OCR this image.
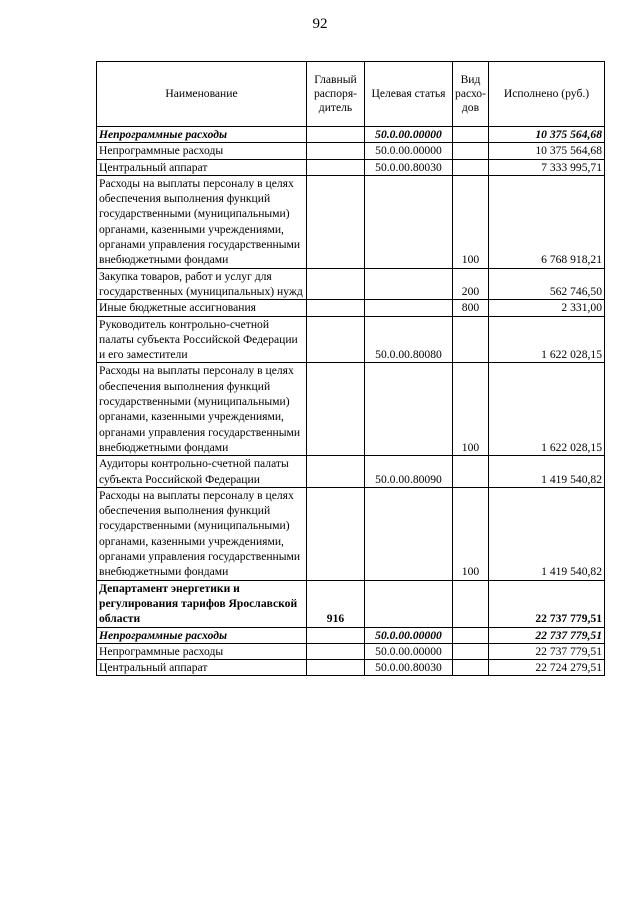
92
Наименование	Главный распоря-дитель	Целевая статья	Вид расхо-дов	Исполнено (руб.)
Непрограммные расходы		50.0.00.00000		10 375 564,68
Непрограммные расходы		50.0.00.00000		10 375 564,68
Центральный аппарат		50.0.00.80030		7 333 995,71
Расходы на выплаты персоналу в целях обеспечения выполнения функций государственными (муниципальными) органами, казенными учреждениями, органами управления государственными внебюджетными фондами			100	6 768 918,21
Закупка товаров, работ и услуг для государственных (муниципальных) нужд			200	562 746,50
Иные бюджетные ассигнования			800	2 331,00
Руководитель контрольно-счетной палаты субъекта Российской Федерации и его заместители		50.0.00.80080		1 622 028,15
Расходы на выплаты персоналу в целях обеспечения выполнения функций государственными (муниципальными) органами, казенными учреждениями, органами управления государственными внебюджетными фондами			100	1 622 028,15
Аудиторы контрольно-счетной палаты субъекта Российской Федерации		50.0.00.80090		1 419 540,82
Расходы на выплаты персоналу в целях обеспечения выполнения функций государственными (муниципальными) органами, казенными учреждениями, органами управления государственными внебюджетными фондами			100	1 419 540,82
Департамент энергетики и регулирования тарифов Ярославской области	916			22 737 779,51
Непрограммные расходы		50.0.00.00000		22 737 779,51
Непрограммные расходы		50.0.00.00000		22 737 779,51
Центральный аппарат		50.0.00.80030		22 724 279,51
